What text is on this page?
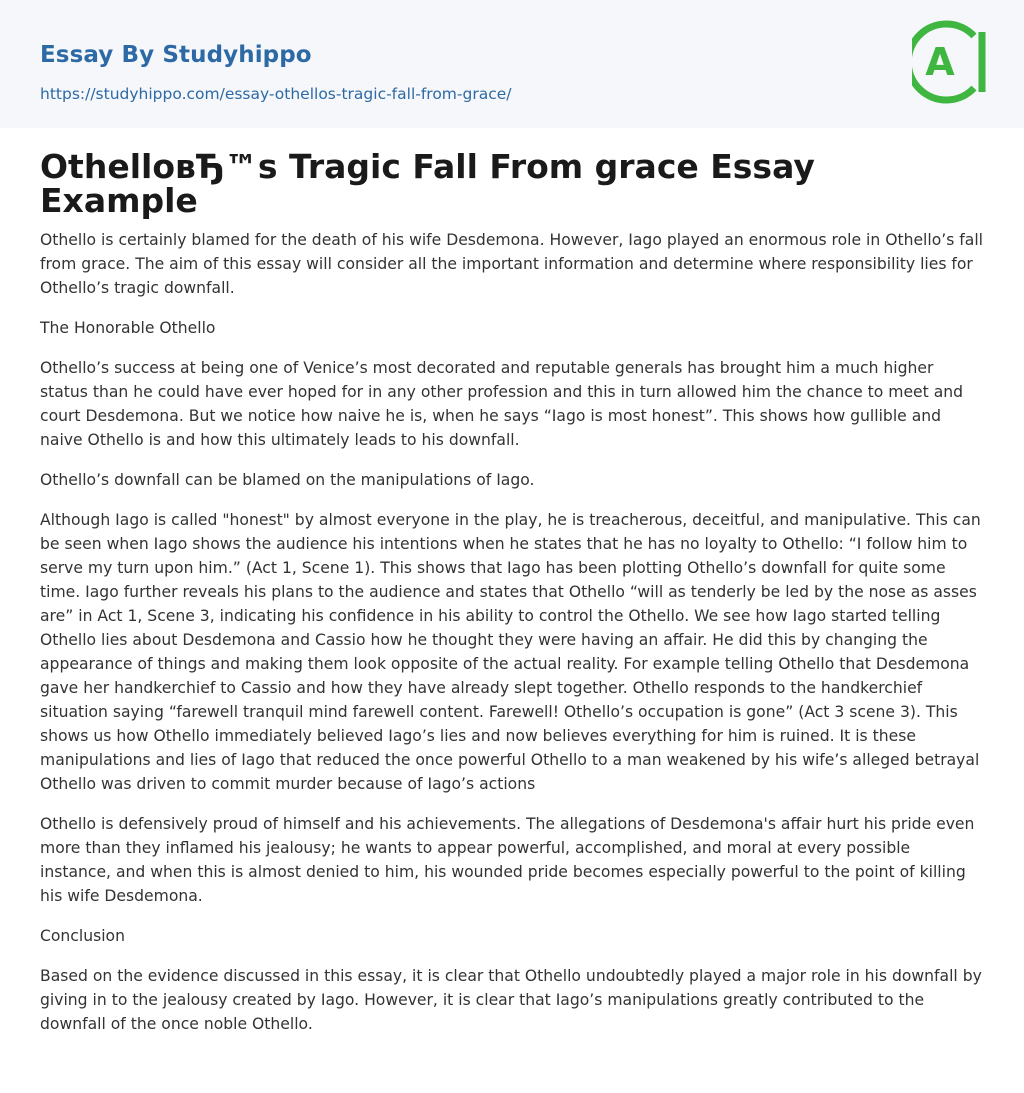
Essay By Studyhippo
https://studyhippo.com/essay-othellos-tragic-fall-from-grace/
A
OthelloвЂ™s Tragic Fall From grace Essay Example

Othello is certainly blamed for the death of his wife Desdemona. However, Iago played an enormous role in Othello’s fall from grace. The aim of this essay will consider all the important information and determine where responsibility lies for Othello’s tragic downfall.

The Honorable Othello

Othello’s success at being one of Venice’s most decorated and reputable generals has brought him a much higher status than he could have ever hoped for in any other profession and this in turn allowed him the chance to meet and court Desdemona. But we notice how naive he is, when he says “Iago is most honest”. This shows how gullible and naive Othello is and how this ultimately leads to his downfall.

Othello’s downfall can be blamed on the manipulations of Iago.

Although Iago is called "honest" by almost everyone in the play, he is treacherous, deceitful, and manipulative. This can be seen when Iago shows the audience his intentions when he states that he has no loyalty to Othello: “I follow him to serve my turn upon him.” (Act 1, Scene 1). This shows that Iago has been plotting Othello’s downfall for quite some time. Iago further reveals his plans to the audience and states that Othello “will as tenderly be led by the nose as asses are” in Act 1, Scene 3, indicating his confidence in his ability to control the Othello. We see how Iago started telling Othello lies about Desdemona and Cassio how he thought they were having an affair. He did this by changing the appearance of things and making them look opposite of the actual reality. For example telling Othello that Desdemona gave her handkerchief to Cassio and how they have already slept together. Othello responds to the handkerchief situation saying “farewell tranquil mind farewell content. Farewell! Othello’s occupation is gone” (Act 3 scene 3). This shows us how Othello immediately believed Iago’s lies and now believes everything for him is ruined. It is these manipulations and lies of Iago that reduced the once powerful Othello to a man weakened by his wife’s alleged betrayal Othello was driven to commit murder because of Iago’s actions

Othello is defensively proud of himself and his achievements. The allegations of Desdemona's affair hurt his pride even more than they inflamed his jealousy; he wants to appear powerful, accomplished, and moral at every possible instance, and when this is almost denied to him, his wounded pride becomes especially powerful to the point of killing his wife Desdemona.

Conclusion

Based on the evidence discussed in this essay, it is clear that Othello undoubtedly played a major role in his downfall by giving in to the jealousy created by Iago. However, it is clear that Iago’s manipulations greatly contributed to the downfall of the once noble Othello.
